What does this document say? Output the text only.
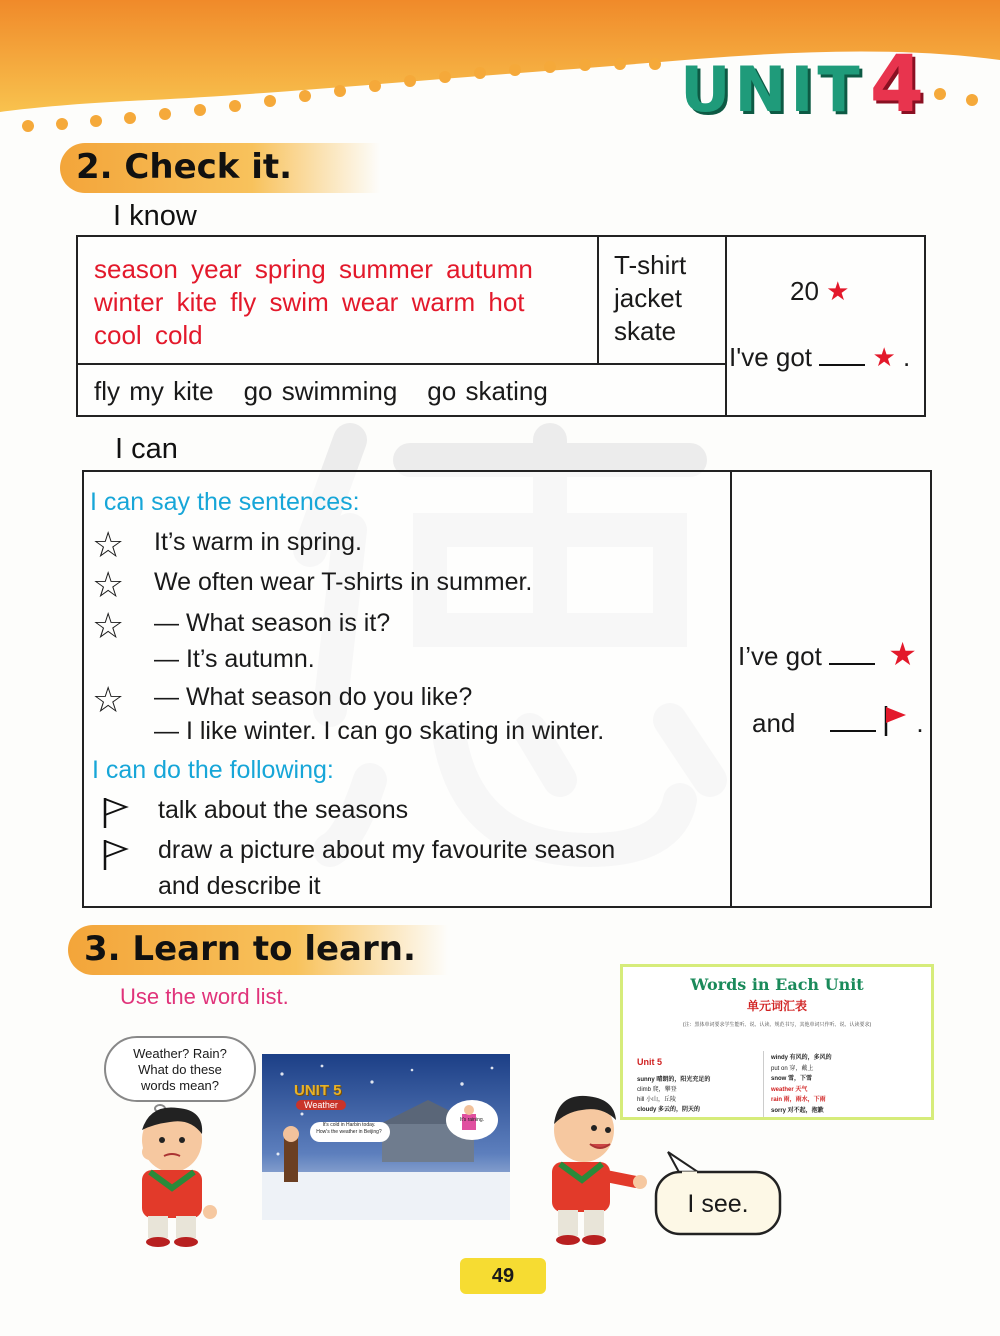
UNIT4
2. Check it.
I know
season year spring summer autumn winter kite fly swim wear warm hot cool cold
T-shirt
jacket
skate
fly my kite go swimming go skating
20 ★
I've got ★ .
I can
I can say the sentences:
☆ It’s warm in spring.
☆ We often wear T-shirts in summer.
☆ — What season is it?
— It’s autumn.
☆ — What season do you like?
— I like winter. I can go skating in winter.
I can do the following:
talk about the seasons
draw a picture about my favourite season
and describe it
I’ve got ★
and	.
3. Learn to learn.
Use the word list.
Weather? Rain?
What do these
words mean?	UNIT 5
Weather
It's cold in Harbin today.
How's the weather in Beijing?
It's raining.
Words in Each Unit
单元词汇表
(注：黑体单词要求学生能听、说、认读、规范书写，其他单词只作听、说、认读要求)
Unit 5
sunny 晴朗的，阳光充足的
climb 爬，攀登
hill 小山，丘陵
cloudy 多云的，阴天的
windy 有风的，多风的
put on 穿，戴上
snow 雪，下雪
weather 天气
rain 雨，雨水，下雨
sorry 对不起，抱歉
I see.
49
